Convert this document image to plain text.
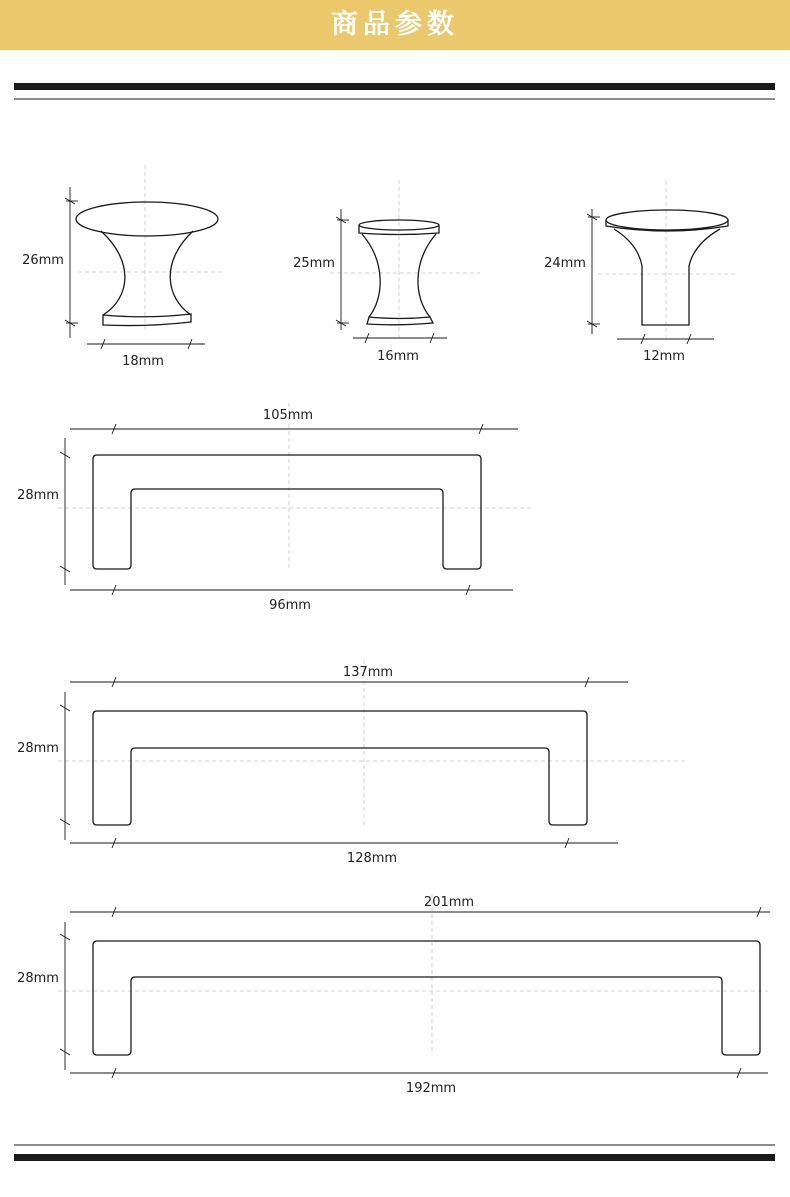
商品参数
26mm
18mm
25mm
16mm
24mm
12mm
105mm
96mm
28mm
137mm
128mm
28mm
201mm
192mm
28mm
